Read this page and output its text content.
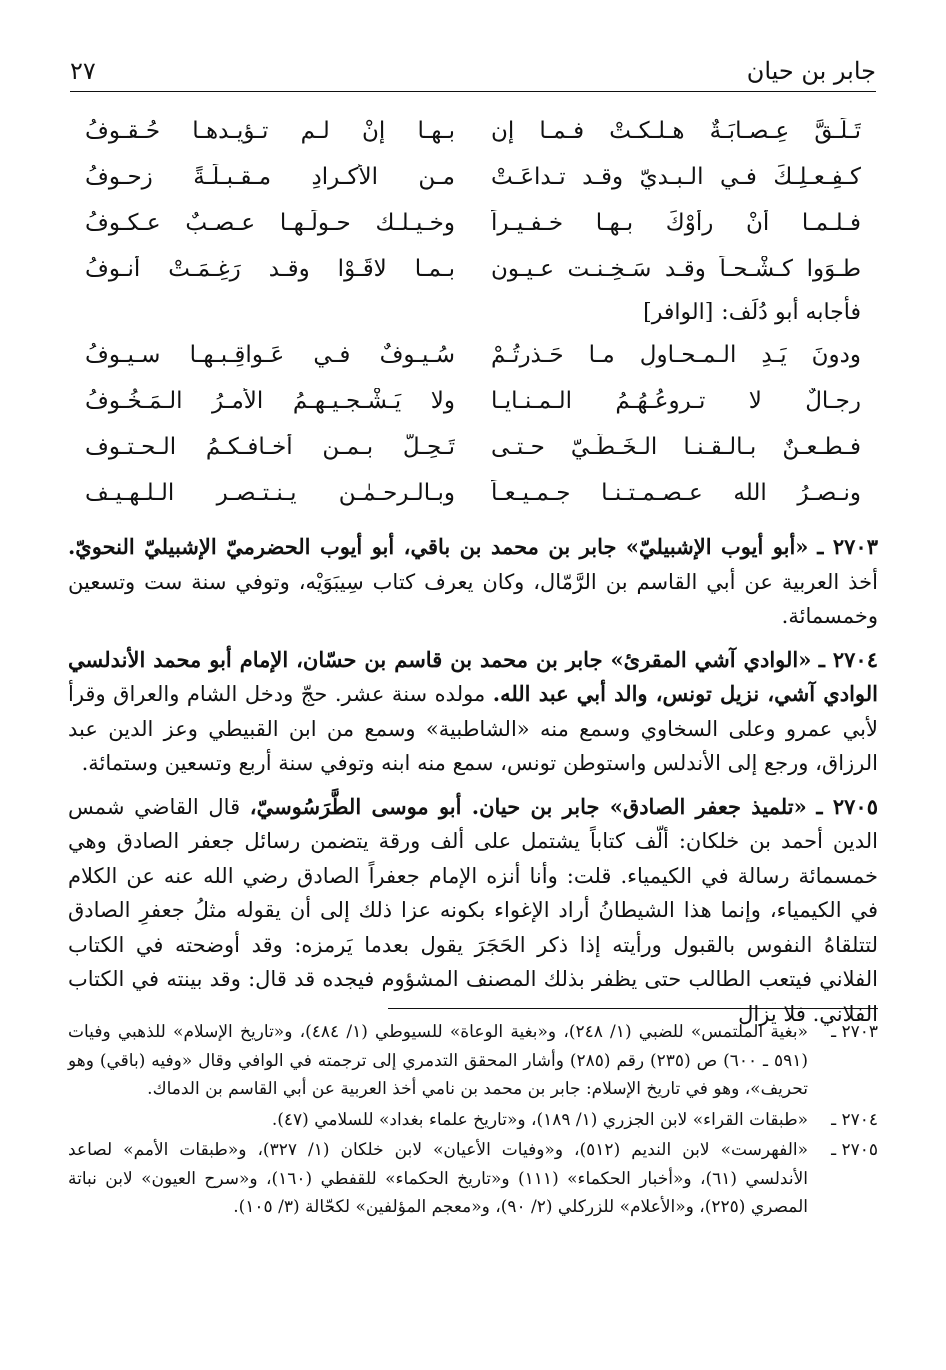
جابر بن حيان
٢٧
تَـلَـقَّ عِـصـابَـةٌ هـلـكـتْ فـمـا إن
بـهـا إنْ لـم تـؤيـدهـا حُـقـوفُ
كـفِـعـلِـكَ فـي الـبـديّ وقـد تـداعَـتْ
مـن الأكـرادِ مـقـبـلَـةً زحـوفُ
فـلـمـا أنْ رأوْكَ بـهـا خـفـيـراً
وخـيـلـك حـولَـهـا عـصـبٌ عـكـوفُ
طـوَوا كـشْـحـاً وقـد سَـخِـنـت عـيـون
بـمـا لاقَـوْا وقـد رَغِـمَـتْ أنـوفُ
فأجابه أبو دُلَف:
[الوافر]
ودونَ يَـدِ الـمـحـاولِ مـا حَـذرتُـمْ
سُـيـوفٌ فـي عَـواقِـبـهـا سـيـوفُ
رجـالٌ لا تـروعُـهُـمُ الـمـنـايـا
ولا يَـشْـجـيـهِـمُ الأمـرُ الـمَـخُـوفُ
فـطـعـنٌ بـالـقـنـا الـخَـطّـيّ حـتـى
تَـحِـلَّ بـمـن أخـافـكـمُ الـحـتـوف
ونـصـرُ الله عـصـمـتـنـا جـمـيـعـاً
وبـالـرحـمٰـن يـنـتـصـر الـلـهـيـف

٢٧٠٣ ـ «أبو أيوب الإشبيليّ» جابر بن محمد بن باقي، أبو أيوب الحضرميّ الإشبيليّ النحويّ. أخذ العربية عن أبي القاسم بن الرَّمّال، وكان يعرف كتاب سِيبَوَيْه، وتوفي سنة ست وتسعين وخمسمائة.

٢٧٠٤ ـ «الوادي آشي المقرئ» جابر بن محمد بن قاسم بن حسّان، الإمام أبو محمد الأندلسي الوادي آشي، نزيل تونس، والد أبي عبد الله. مولده سنة عشر. حجّ ودخل الشام والعراق وقرأ لأبي عمرو وعلى السخاوي وسمع منه «الشاطبية» وسمع من ابن القبيطي وعز الدين عبد الرزاق، ورجع إلى الأندلس واستوطن تونس، سمع منه ابنه وتوفي سنة أربع وتسعين وستمائة.

٢٧٠٥ ـ «تلميذ جعفر الصادق» جابر بن حيان. أبو موسى الطَّرَسُوسيّ، قال القاضي شمس الدين أحمد بن خلكان: ألّف كتاباً يشتمل على ألف ورقة يتضمن رسائل جعفر الصادق وهي خمسمائة رسالة في الكيمياء. قلت: وأنا أنزه الإمام جعفراً الصادق رضي الله عنه عن الكلام في الكيمياء، وإنما هذا الشيطانُ أراد الإغواء بكونه عزا ذلك إلى أن يقوله مثلُ جعفرِ الصادق لتتلقاهُ النفوس بالقبول ورأيته إذا ذكر الحَجَرَ يقول بعدما يَرمزه: وقد أوضحته في الكتاب الفلاني فيتعب الطالب حتى يظفر بذلك المصنف المشؤوم فيجده قد قال: وقد بينته في الكتاب الفلاني. فلا يزال

٢٧٠٣ ـ
«بغية الملتمس» للضبي (١/ ٢٤٨)، و«بغية الوعاة» للسيوطي (١/ ٤٨٤)، و«تاريخ الإسلام» للذهبي وفيات (٥٩١ ـ ٦٠٠) ص (٢٣٥) رقم (٢٨٥) وأشار المحقق التدمري إلى ترجمته في الوافي وقال «وفيه (باقي) وهو تحريف»، وهو في تاريخ الإسلام: جابر بن محمد بن نامي أخذ العربية عن أبي القاسم بن الدماك.
٢٧٠٤ ـ
«طبقات القراء» لابن الجزري (١/ ١٨٩)، و«تاريخ علماء بغداد» للسلامي (٤٧).
٢٧٠٥ ـ
«الفهرست» لابن النديم (٥١٢)، و«وفيات الأعيان» لابن خلكان (١/ ٣٢٧)، و«طبقات الأمم» لصاعد الأندلسي (٦١)، و«أخبار الحكماء» (١١١) و«تاريخ الحكماء» للقفطي (١٦٠)، و«سرح العيون» لابن نباتة المصري (٢٢٥)، و«الأعلام» للزركلي (٢/ ٩٠)، و«معجم المؤلفين» لكحّالة (٣/ ١٠٥).
